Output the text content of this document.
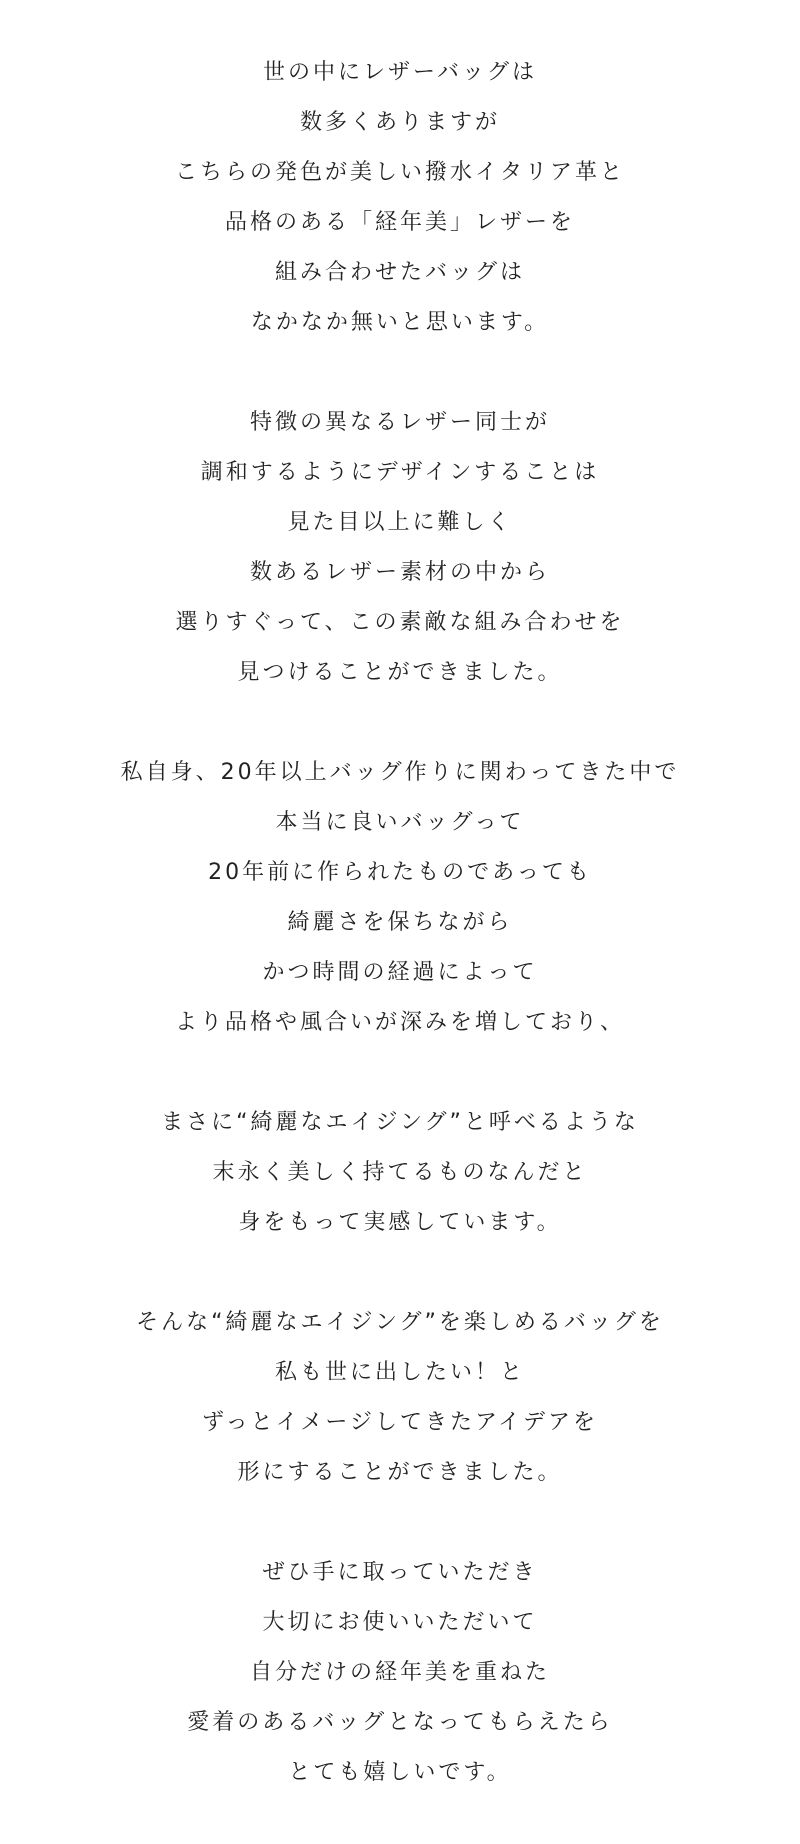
世の中にレザーバッグは
数多くありますが
こちらの発色が美しい撥水イタリア革と
品格のある「経年美」レザーを
組み合わせたバッグは
なかなか無いと思います。
特徴の異なるレザー同士が
調和するようにデザインすることは
見た目以上に難しく
数あるレザー素材の中から
選りすぐって、この素敵な組み合わせを
見つけることができました。
私自身、20年以上バッグ作りに関わってきた中で
本当に良いバッグって
20年前に作られたものであっても
綺麗さを保ちながら
かつ時間の経過によって
より品格や風合いが深みを増しており、
まさに“綺麗なエイジング”と呼べるような
末永く美しく持てるものなんだと
身をもって実感しています。
そんな“綺麗なエイジング”を楽しめるバッグを
私も世に出したい！と
ずっとイメージしてきたアイデアを
形にすることができました。
ぜひ手に取っていただき
大切にお使いいただいて
自分だけの経年美を重ねた
愛着のあるバッグとなってもらえたら
とても嬉しいです。
